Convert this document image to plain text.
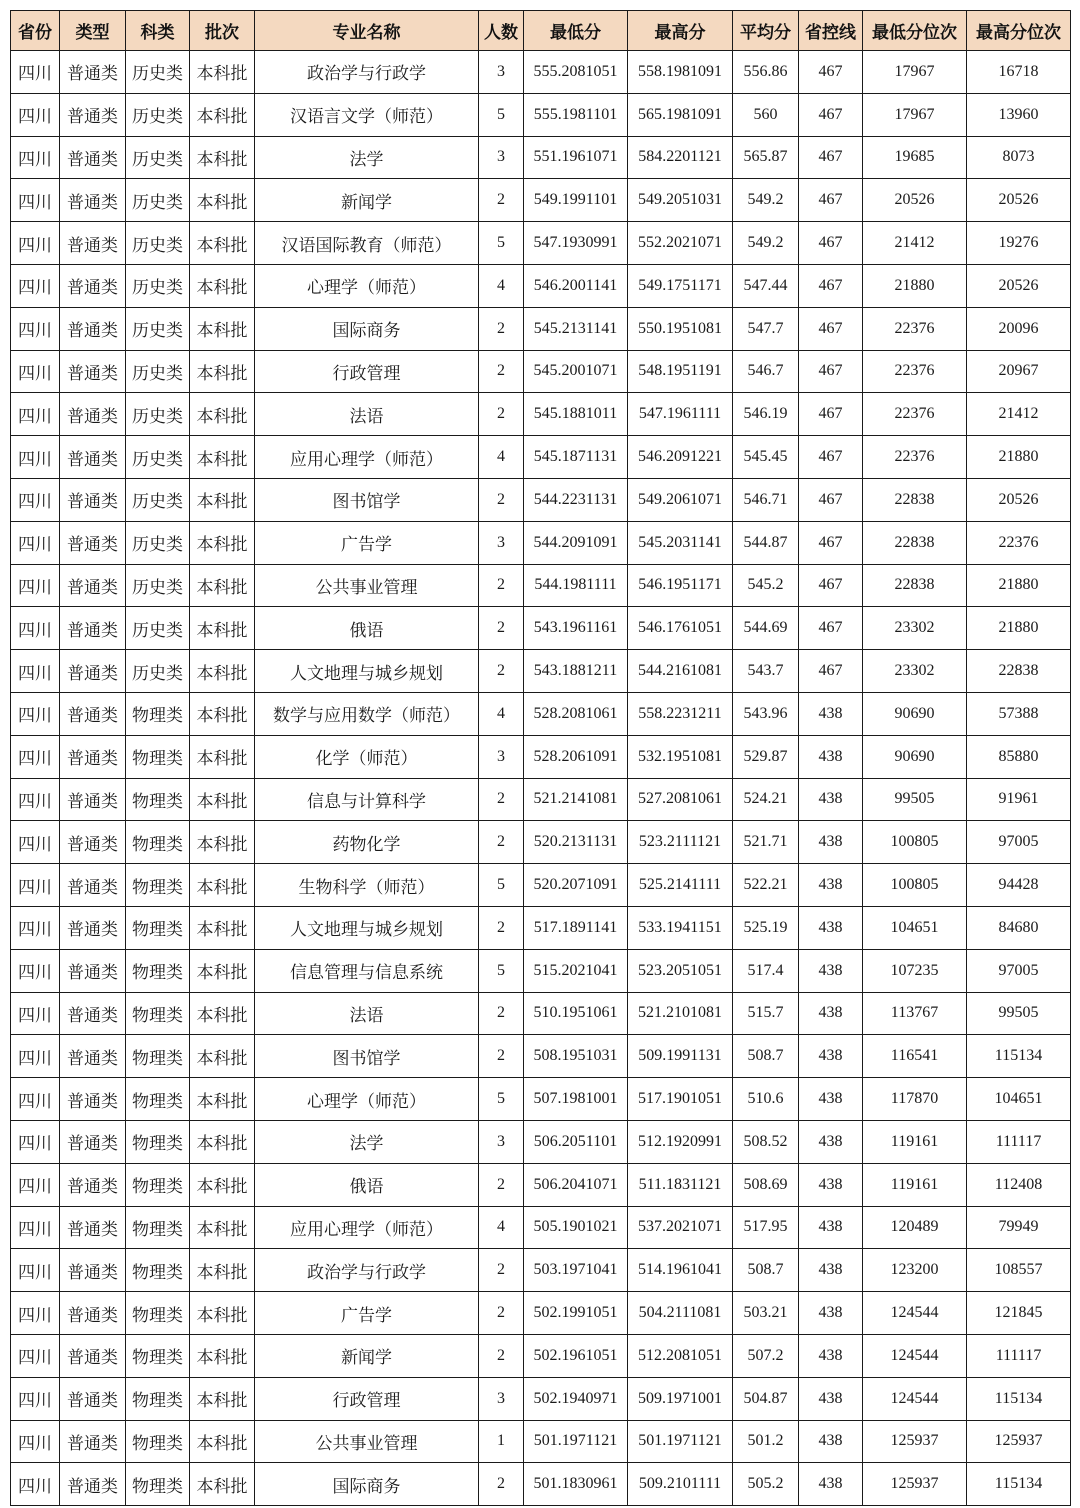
省份	类型	科类	批次	专业名称	人数	最低分	最高分	平均分	省控线	最低分位次	最高分位次
四川	普通类	历史类	本科批	政治学与行政学	3	555.2081051	558.1981091	556.86	467	17967	16718
四川	普通类	历史类	本科批	汉语言文学（师范）	5	555.1981101	565.1981091	560	467	17967	13960
四川	普通类	历史类	本科批	法学	3	551.1961071	584.2201121	565.87	467	19685	8073
四川	普通类	历史类	本科批	新闻学	2	549.1991101	549.2051031	549.2	467	20526	20526
四川	普通类	历史类	本科批	汉语国际教育（师范）	5	547.1930991	552.2021071	549.2	467	21412	19276
四川	普通类	历史类	本科批	心理学（师范）	4	546.2001141	549.1751171	547.44	467	21880	20526
四川	普通类	历史类	本科批	国际商务	2	545.2131141	550.1951081	547.7	467	22376	20096
四川	普通类	历史类	本科批	行政管理	2	545.2001071	548.1951191	546.7	467	22376	20967
四川	普通类	历史类	本科批	法语	2	545.1881011	547.1961111	546.19	467	22376	21412
四川	普通类	历史类	本科批	应用心理学（师范）	4	545.1871131	546.2091221	545.45	467	22376	21880
四川	普通类	历史类	本科批	图书馆学	2	544.2231131	549.2061071	546.71	467	22838	20526
四川	普通类	历史类	本科批	广告学	3	544.2091091	545.2031141	544.87	467	22838	22376
四川	普通类	历史类	本科批	公共事业管理	2	544.1981111	546.1951171	545.2	467	22838	21880
四川	普通类	历史类	本科批	俄语	2	543.1961161	546.1761051	544.69	467	23302	21880
四川	普通类	历史类	本科批	人文地理与城乡规划	2	543.1881211	544.2161081	543.7	467	23302	22838
四川	普通类	物理类	本科批	数学与应用数学（师范）	4	528.2081061	558.2231211	543.96	438	90690	57388
四川	普通类	物理类	本科批	化学（师范）	3	528.2061091	532.1951081	529.87	438	90690	85880
四川	普通类	物理类	本科批	信息与计算科学	2	521.2141081	527.2081061	524.21	438	99505	91961
四川	普通类	物理类	本科批	药物化学	2	520.2131131	523.2111121	521.71	438	100805	97005
四川	普通类	物理类	本科批	生物科学（师范）	5	520.2071091	525.2141111	522.21	438	100805	94428
四川	普通类	物理类	本科批	人文地理与城乡规划	2	517.1891141	533.1941151	525.19	438	104651	84680
四川	普通类	物理类	本科批	信息管理与信息系统	5	515.2021041	523.2051051	517.4	438	107235	97005
四川	普通类	物理类	本科批	法语	2	510.1951061	521.2101081	515.7	438	113767	99505
四川	普通类	物理类	本科批	图书馆学	2	508.1951031	509.1991131	508.7	438	116541	115134
四川	普通类	物理类	本科批	心理学（师范）	5	507.1981001	517.1901051	510.6	438	117870	104651
四川	普通类	物理类	本科批	法学	3	506.2051101	512.1920991	508.52	438	119161	111117
四川	普通类	物理类	本科批	俄语	2	506.2041071	511.1831121	508.69	438	119161	112408
四川	普通类	物理类	本科批	应用心理学（师范）	4	505.1901021	537.2021071	517.95	438	120489	79949
四川	普通类	物理类	本科批	政治学与行政学	2	503.1971041	514.1961041	508.7	438	123200	108557
四川	普通类	物理类	本科批	广告学	2	502.1991051	504.2111081	503.21	438	124544	121845
四川	普通类	物理类	本科批	新闻学	2	502.1961051	512.2081051	507.2	438	124544	111117
四川	普通类	物理类	本科批	行政管理	3	502.1940971	509.1971001	504.87	438	124544	115134
四川	普通类	物理类	本科批	公共事业管理	1	501.1971121	501.1971121	501.2	438	125937	125937
四川	普通类	物理类	本科批	国际商务	2	501.1830961	509.2101111	505.2	438	125937	115134
